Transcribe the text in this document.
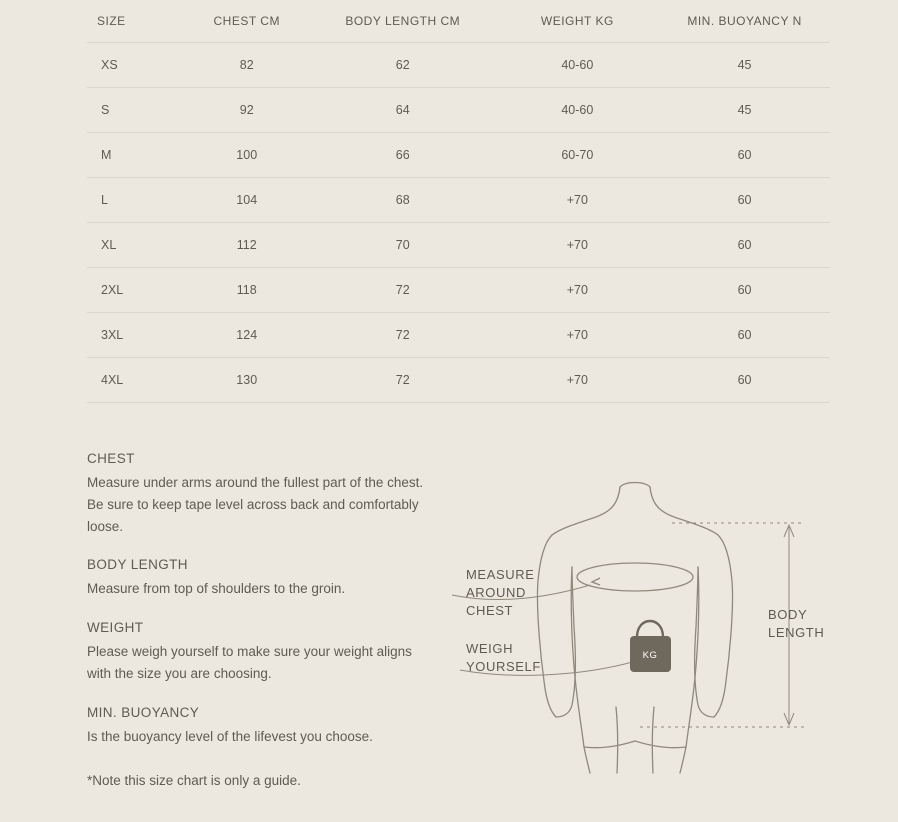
SIZE	CHEST CM	BODY LENGTH CM	WEIGHT KG	MIN. BUOYANCY N
XS	82	62	40-60	45
S	92	64	40-60	45
M	100	66	60-70	60
L	104	68	+70	60
XL	112	70	+70	60
2XL	118	72	+70	60
3XL	124	72	+70	60
4XL	130	72	+70	60
CHEST
Measure under arms around the fullest part of the chest. Be sure to keep tape level across back and comfortably loose.
BODY LENGTH
Measure from top of shoulders to the groin.
WEIGHT
Please weigh yourself to make sure your weight aligns with the size you are choosing.
MIN. BUOYANCY
Is the buoyancy level of the lifevest you choose.
*Note this size chart is only a guide.
KG
MEASURE
AROUND
CHEST
WEIGH
YOURSELF
BODY
LENGTH
